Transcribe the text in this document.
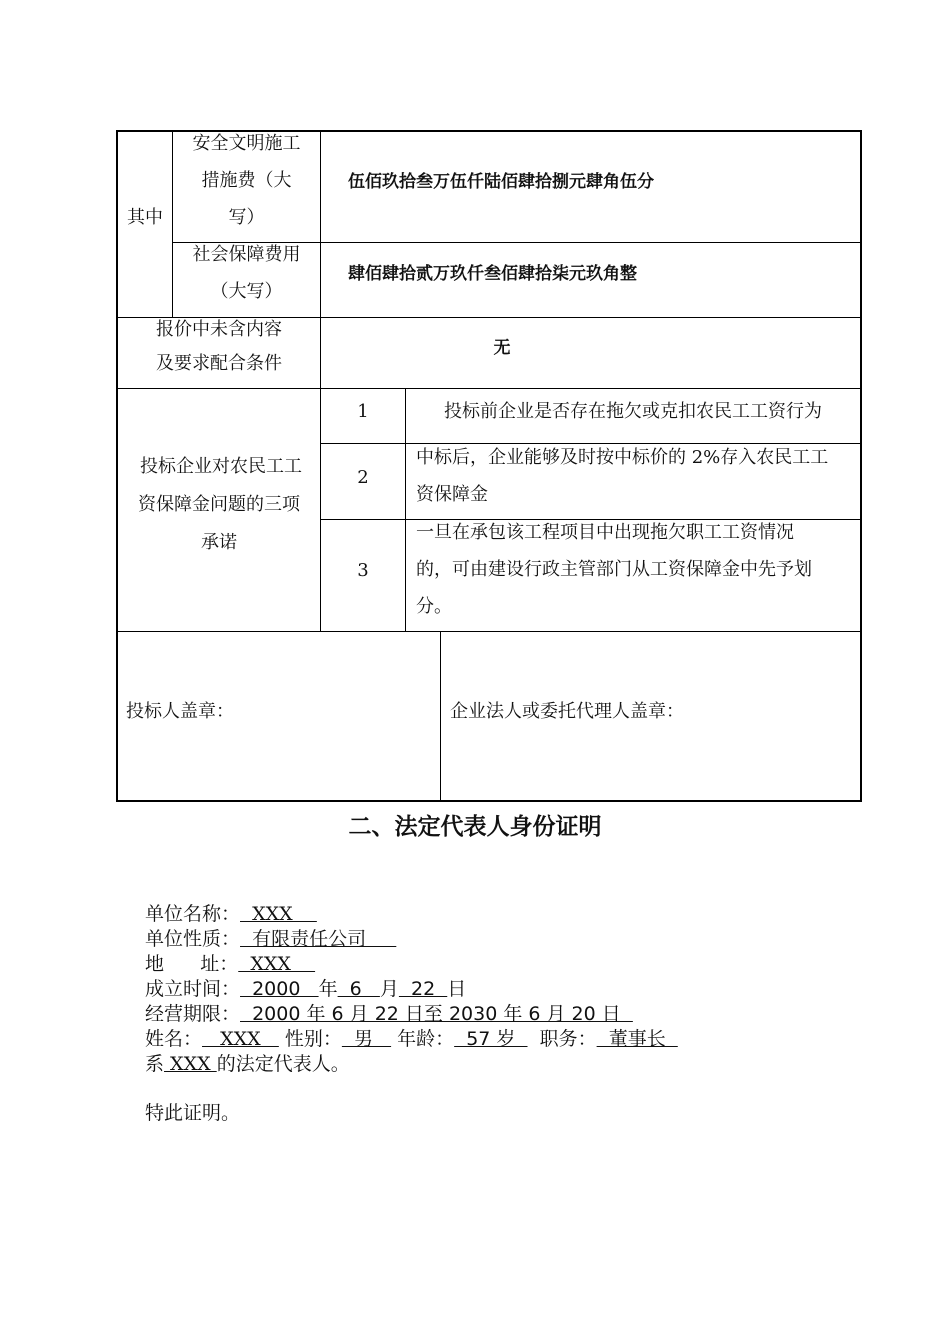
其中
安全文明施工
措施费（大
写）
伍佰玖拾叁万伍仟陆佰肆拾捌元肆角伍分
社会保障费用
（大写）
肆佰肆拾贰万玖仟叁佰肆拾柒元玖角整
报价中未含内容
及要求配合条件
无
投标企业对农民工工
资保障金问题的三项
承诺
1	投标前企业是否存在拖欠或克扣农民工工资行为
2
中标后，企业能够及时按中标价的 2%存入农民工工
资保障金
3
一旦在承包该工程项目中出现拖欠职工工资情况
的，可由建设行政主管部门从工资保障金中先予划
分。
投标人盖章：	企业法人或委托代理人盖章：
二、法定代表人身份证明
单位名称：  XXX
单位性质：  有限责任公司
地      址：  XXX
成立时间：  2000   年  6   月  22  日
经营期限：  2000 年 6 月 22 日至 2030 年 6 月 20 日
姓名：   XXX    性别：  男    年龄：  57 岁    职务：  董事长
系 XXX 的法定代表人。
特此证明。
